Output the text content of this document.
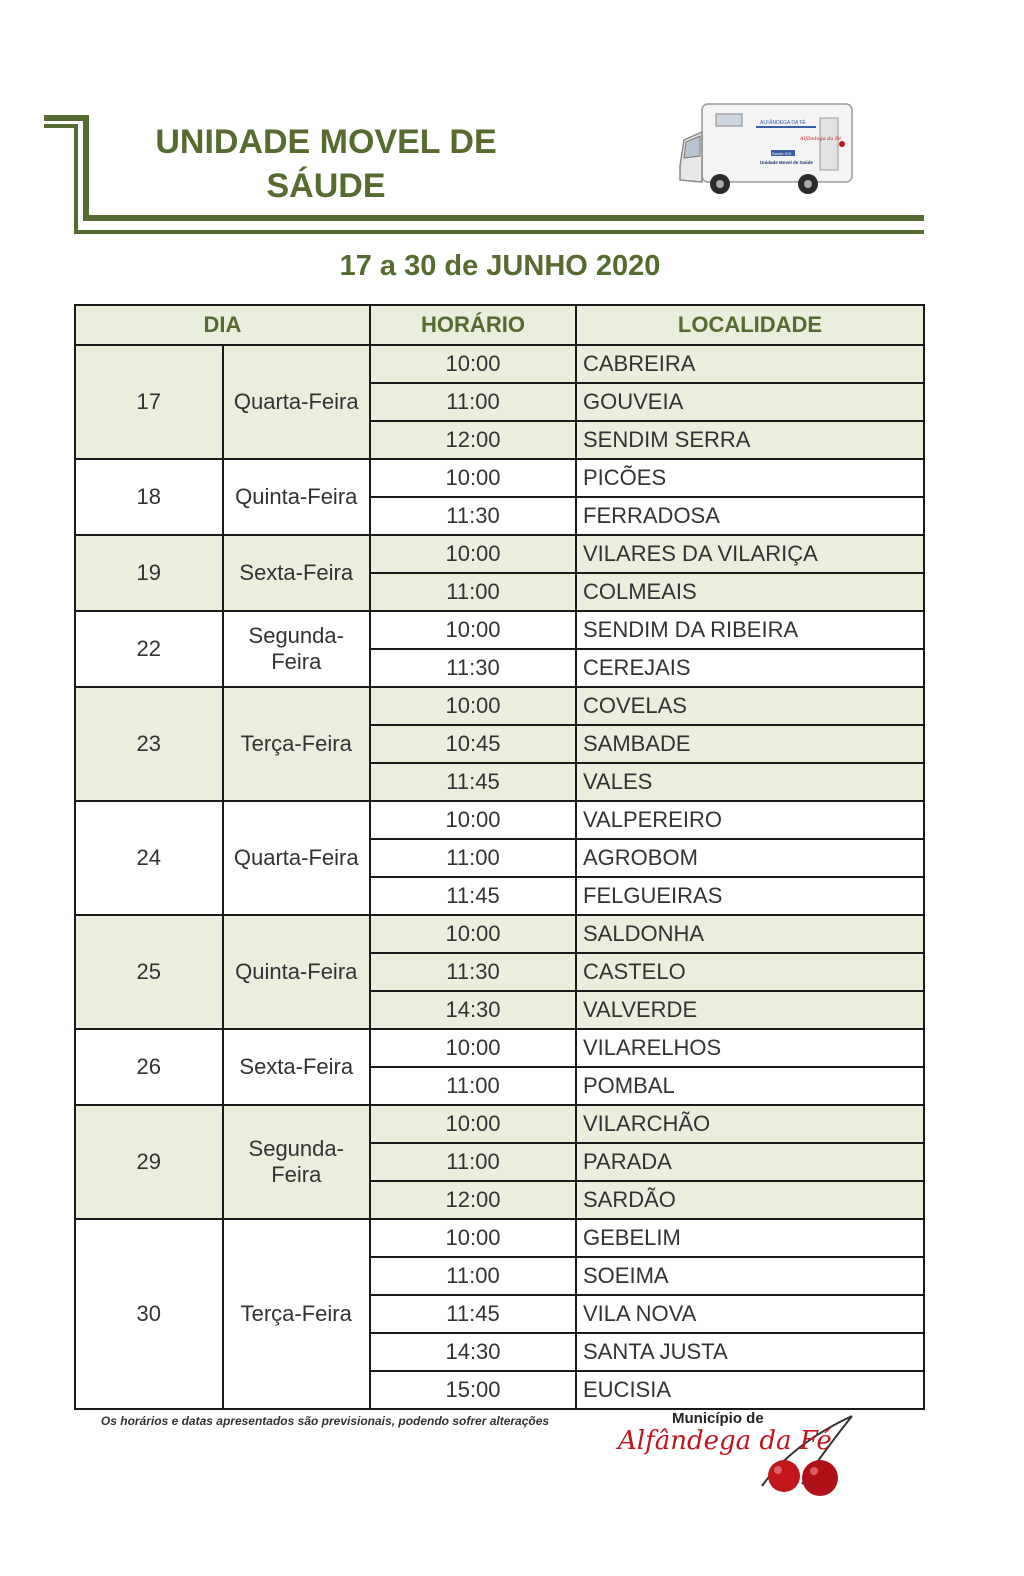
UNIDADE MOVEL DE
SÁUDE
ALFÂNDEGA DA FÉ
Saúde XXI
Unidade Movel de Saúde
Alfândega da Fé
17 a 30 de JUNHO 2020
DIA		HORÁRIO	LOCALIDADE
17	Quarta-Feira	10:00	CABREIRA
		11:00	GOUVEIA
		12:00	SENDIM SERRA
18	Quinta-Feira	10:00	PICÕES
		11:30	FERRADOSA
19	Sexta-Feira	10:00	VILARES DA VILARIÇA
		11:00	COLMEAIS
22	Segunda-Feira	10:00	SENDIM DA RIBEIRA
		11:30	CEREJAIS
23	Terça-Feira	10:00	COVELAS
		10:45	SAMBADE
		11:45	VALES
24	Quarta-Feira	10:00	VALPEREIRO
		11:00	AGROBOM
		11:45	FELGUEIRAS
25	Quinta-Feira	10:00	SALDONHA
		11:30	CASTELO
		14:30	VALVERDE
26	Sexta-Feira	10:00	VILARELHOS
		11:00	POMBAL
29	Segunda-Feira	10:00	VILARCHÃO
		11:00	PARADA
		12:00	SARDÃO
30	Terça-Feira	10:00	GEBELIM
		11:00	SOEIMA
		11:45	VILA NOVA
		14:30	SANTA JUSTA
		15:00	EUCISIA
Os horários e datas apresentados são previsionais, podendo sofrer alterações	Município de
Alfândega da Fé
